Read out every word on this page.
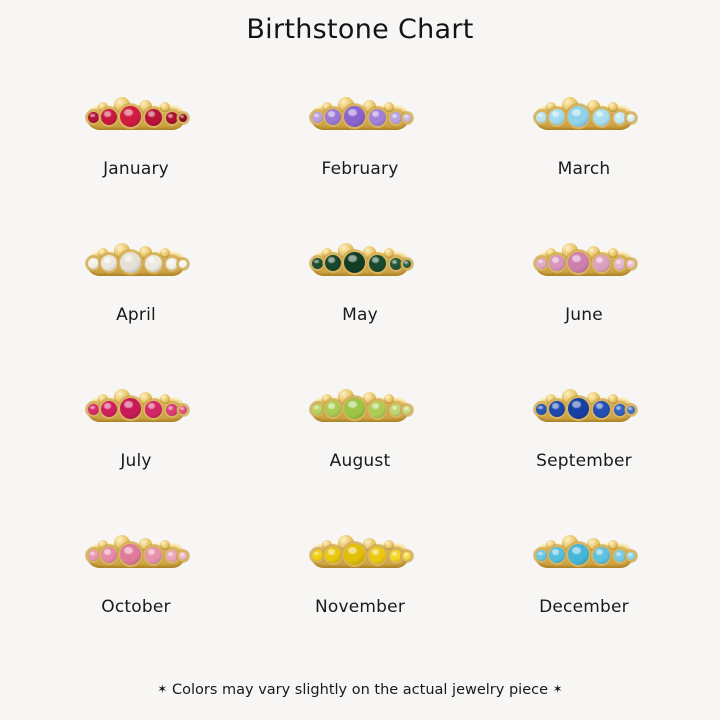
Birthstone Chart
January	February	March
April	May	June
July	August	September
October	November	December
✶ Colors may vary slightly on the actual jewelry piece ✶
